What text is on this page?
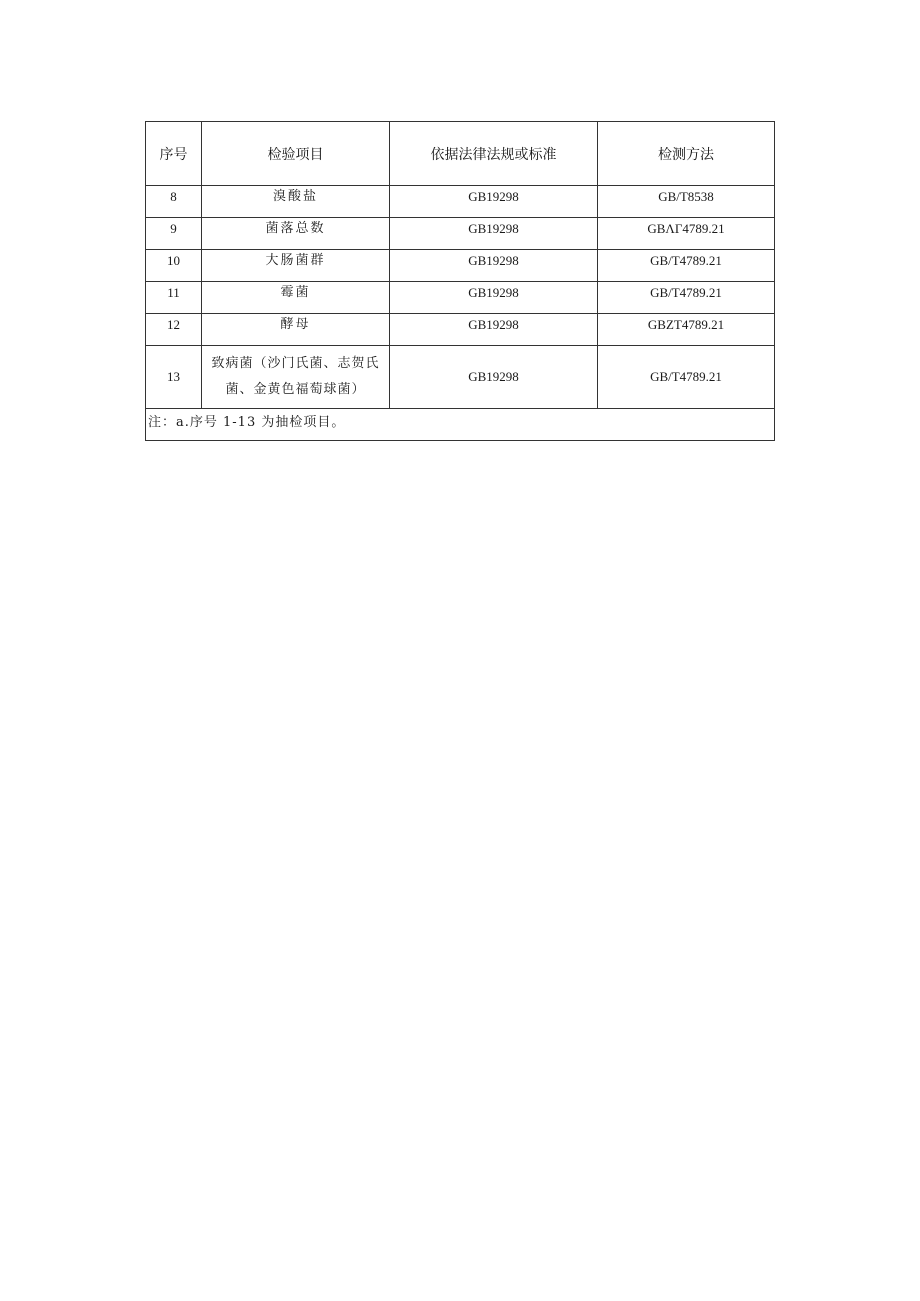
序号	检验项目	依据法律法规或标准	检测方法
8	溴酸盐	GB19298	GB/T8538
9	菌落总数	GB19298	GBΛΓ4789.21
10	大肠菌群	GB19298	GB/T4789.21
11	霉菌	GB19298	GB/T4789.21
12	酵母	GB19298	GBZT4789.21
13	致病菌（沙门氏菌、志贺氏
菌、金黄色福萄球菌）	GB19298	GB/T4789.21
注：a.序号 1-13 为抽检项目。			
